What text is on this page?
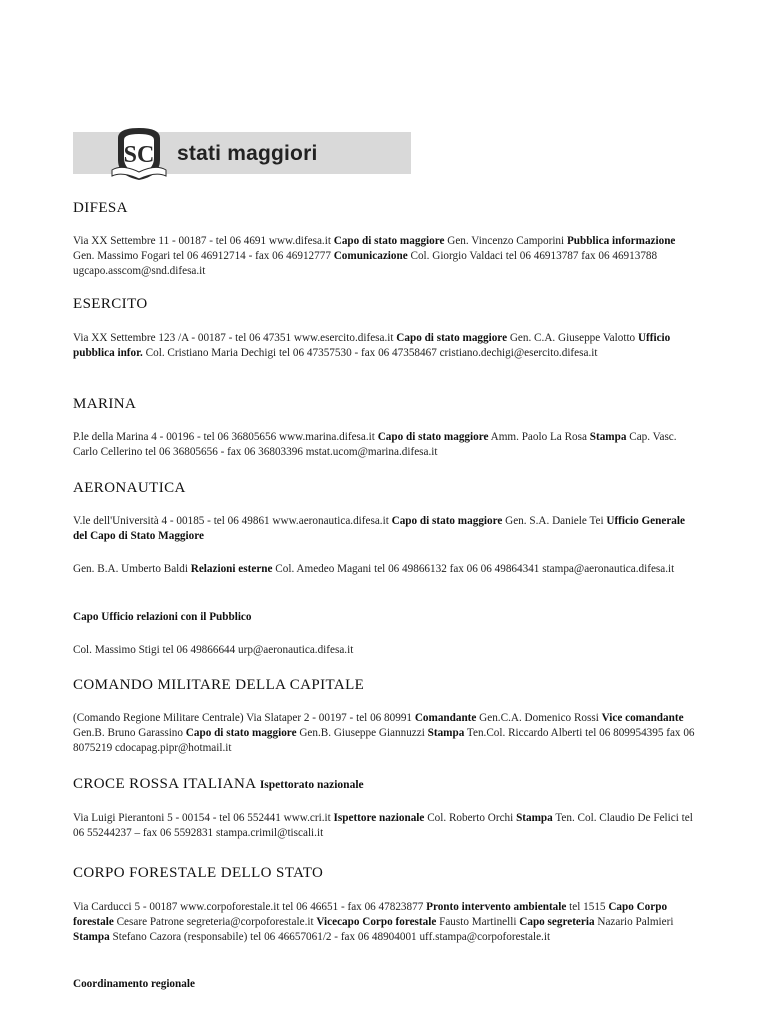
SC stati maggiori
DIFESA

Via XX Settembre 11 - 00187 - tel 06 4691 www.difesa.it Capo di stato maggiore Gen. Vincenzo Camporini Pubblica informazione Gen. Massimo Fogari tel 06 46912714 - fax 06 46912777 Comunicazione Col. Giorgio Valdaci tel 06 46913787 fax 06 46913788 ugcapo.asscom@snd.difesa.it

ESERCITO

Via XX Settembre 123 /A - 00187 - tel 06 47351 www.esercito.difesa.it Capo di stato maggiore Gen. C.A. Giuseppe Valotto Ufficio pubblica infor. Col. Cristiano Maria Dechigi tel 06 47357530 - fax 06 47358467 cristiano.dechigi@esercito.difesa.it

MARINA

P.le della Marina 4 - 00196 - tel 06 36805656 www.marina.difesa.it Capo di stato maggiore Amm. Paolo La Rosa Stampa Cap. Vasc. Carlo Cellerino tel 06 36805656 - fax 06 36803396 mstat.ucom@marina.difesa.it

AERONAUTICA

V.le dell'Università 4 - 00185 - tel 06 49861 www.aeronautica.difesa.it Capo di stato maggiore Gen. S.A. Daniele Tei Ufficio Generale del Capo di Stato Maggiore

Gen. B.A. Umberto Baldi Relazioni esterne Col. Amedeo Magani tel 06 49866132 fax 06 06 49864341 stampa@aeronautica.difesa.it

Capo Ufficio relazioni con il Pubblico

Col. Massimo Stigi tel 06 49866644 urp@aeronautica.difesa.it

COMANDO MILITARE DELLA CAPITALE

(Comando Regione Militare Centrale) Via Slataper 2 - 00197 - tel 06 80991 Comandante Gen.C.A. Domenico Rossi Vice comandante Gen.B. Bruno Garassino Capo di stato maggiore Gen.B. Giuseppe Giannuzzi Stampa Ten.Col. Riccardo Alberti tel 06 809954395 fax 06 8075219 cdocapag.pipr@hotmail.it

CROCE ROSSA ITALIANA Ispettorato nazionale

Via Luigi Pierantoni 5 - 00154 - tel 06 552441 www.cri.it Ispettore nazionale Col. Roberto Orchi Stampa Ten. Col. Claudio De Felici tel 06 55244237 – fax 06 5592831 stampa.crimil@tiscali.it

CORPO FORESTALE DELLO STATO

Via Carducci 5 - 00187 www.corpoforestale.it tel 06 46651 - fax 06 47823877 Pronto intervento ambientale tel 1515 Capo Corpo forestale Cesare Patrone segreteria@corpoforestale.it Vicecapo Corpo forestale Fausto Martinelli Capo segreteria Nazario Palmieri Stampa Stefano Cazora (responsabile) tel 06 46657061/2 - fax 06 48904001 uff.stampa@corpoforestale.it

Coordinamento regionale
